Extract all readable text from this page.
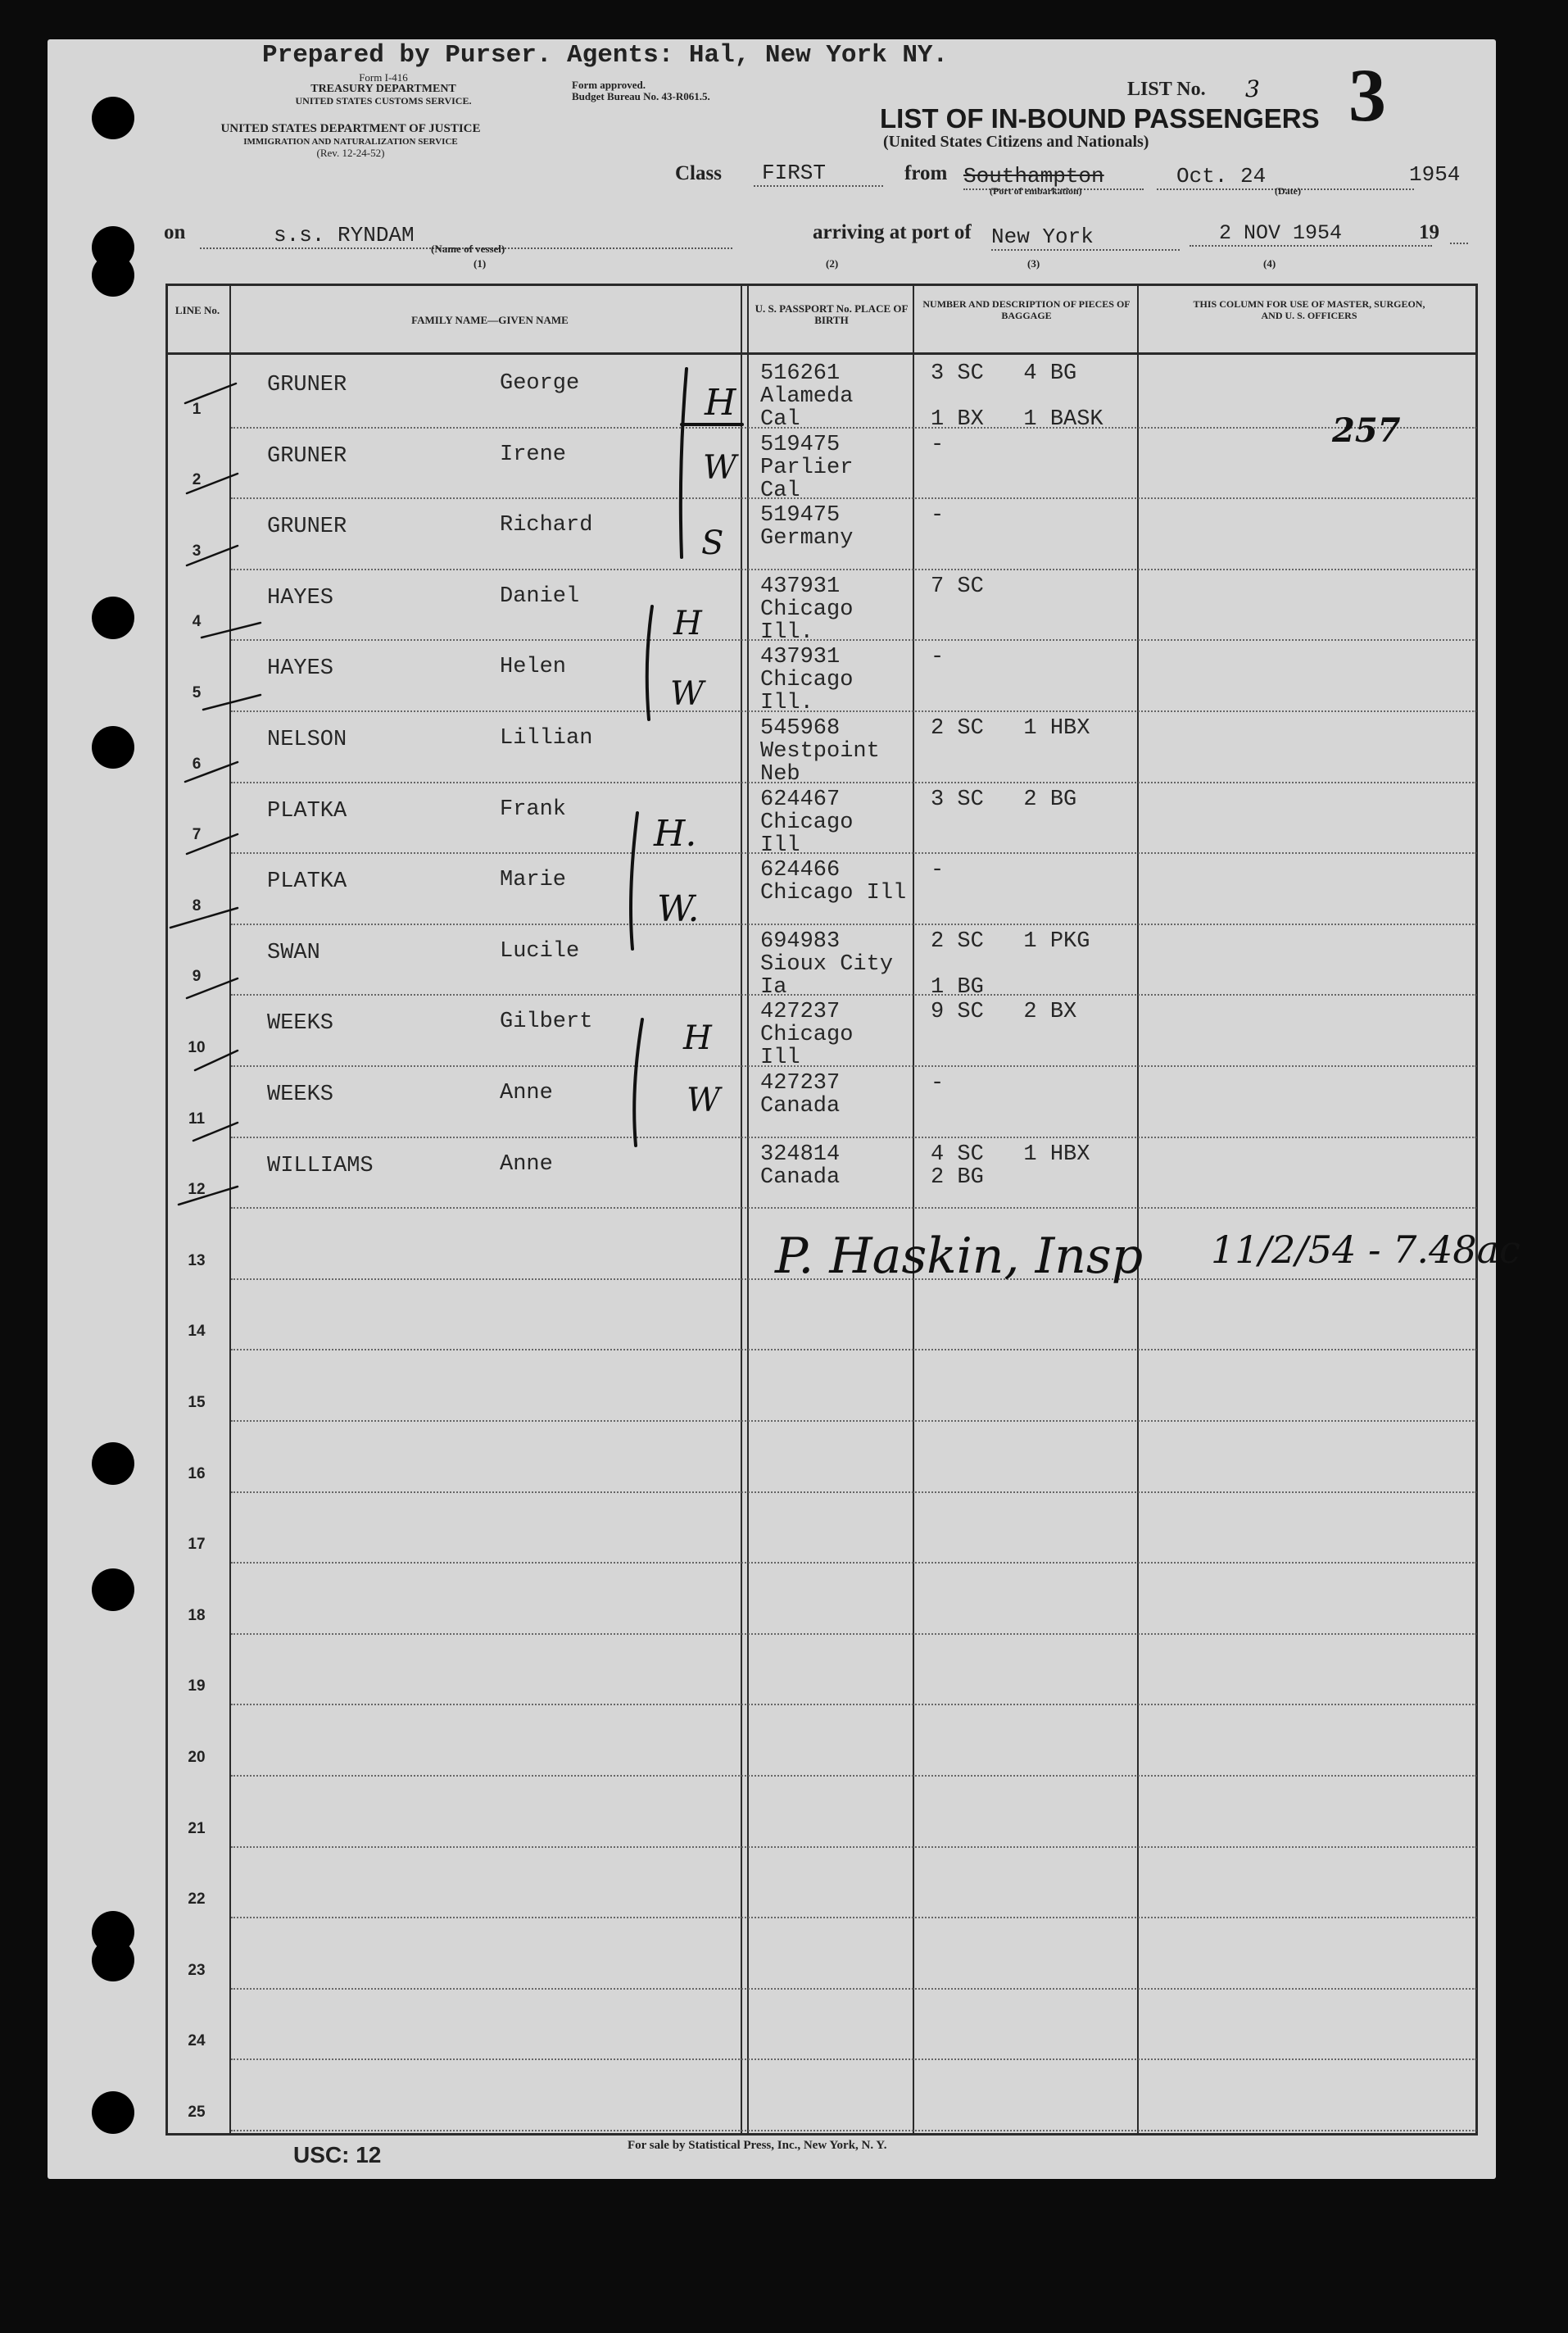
Prepared by Purser. Agents: Hal, New York NY.
Form I-416
TREASURY DEPARTMENT
UNITED STATES CUSTOMS SERVICE.
UNITED STATES DEPARTMENT OF JUSTICE
IMMIGRATION AND NATURALIZATION SERVICE
(Rev. 12-24-52)
Form approved.
Budget Bureau No. 43-R061.5.	LIST No. 3 3
LIST OF IN-BOUND PASSENGERS
(United States Citizens and Nationals)
Class	FIRST	from Southampton
(Port of embarkation)
Oct. 24
(Date)
1954
on	s.s. RYNDAM
(Name of vessel)
arriving at port of New York	2 NOV 1954	19
(1)	(2)	(3)	(4)
LINE No.
FAMILY NAME—GIVEN NAME
U. S. PASSPORT No. PLACE OF BIRTH
NUMBER AND DESCRIPTION OF PIECES OF BAGGAGE
THIS COLUMN FOR USE OF MASTER, SURGEON, AND U. S. OFFICERS
1
GRUNER	George	516261
Alameda
Cal
3 SC   4 BG

1 BX   1 BASK
2
GRUNER	Irene	519475
Parlier
Cal
-
3
GRUNER	Richard	519475
Germany
-
4
HAYES	Daniel	437931
Chicago
Ill.
7 SC
5
HAYES	Helen	437931
Chicago
Ill.
-
6
NELSON	Lillian	545968
Westpoint
Neb
2 SC   1 HBX
7
PLATKA	Frank	624467
Chicago
Ill
3 SC   2 BG
8
PLATKA	Marie	624466
Chicago Ill
-
9
SWAN	Lucile	694983
Sioux City
Ia
2 SC   1 PKG

1 BG
10
WEEKS	Gilbert	427237
Chicago
Ill
9 SC   2 BX
11
WEEKS	Anne	427237
Canada
-
12
WILLIAMS	Anne	324814
Canada
4 SC   1 HBX
2 BG
13
14
15
16
17
18
19
20
21
22
23
24
25
257
H
W
S
H
W
H.
W.
H
W
P. Haskin, Insp 11/2/54 - 7.48ac
USC: 12	For sale by Statistical Press, Inc., New York, N. Y.
